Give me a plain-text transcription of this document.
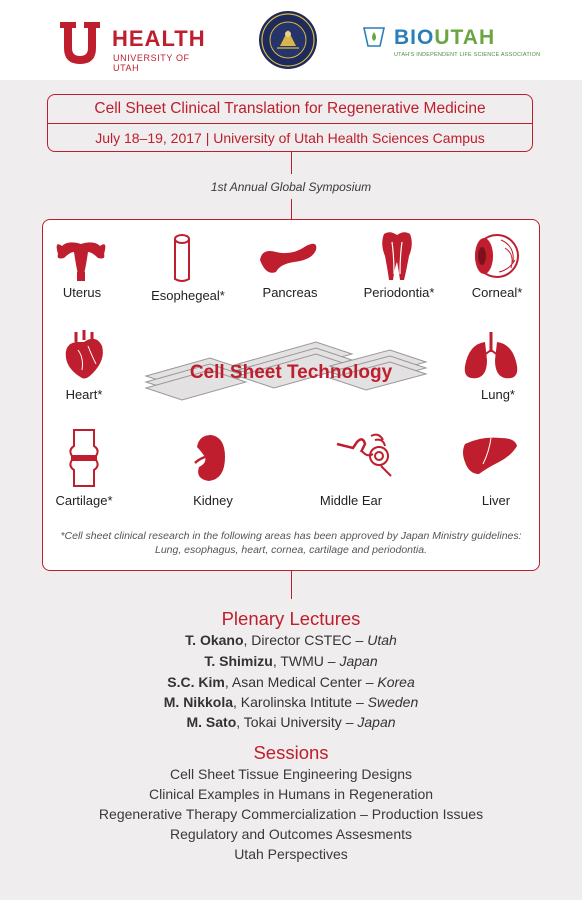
HEALTH
UNIVERSITY OF UTAH
BIOUTAH
UTAH'S INDEPENDENT LIFE SCIENCE ASSOCIATION
Cell Sheet Clinical Translation for Regenerative Medicine
July 18–19, 2017 | University of Utah Health Sciences Campus
1st Annual Global Symposium
Uterus	Esophegeal*	Pancreas	Periodontia*	Corneal*
Heart*
Cell Sheet Technology
Lung*
Cartilage*	Kidney	Middle Ear	Liver
*Cell sheet clinical research in the following areas has been approved by Japan Ministry guidelines: Lung, esophagus, heart, cornea, cartilage and periodontia.
Plenary Lectures
T. Okano, Director CSTEC – Utah
T. Shimizu, TWMU – Japan
S.C. Kim, Asan Medical Center – Korea
M. Nikkola, Karolinska Intitute – Sweden
M. Sato, Tokai University – Japan
Sessions
Cell Sheet Tissue Engineering Designs
Clinical Examples in Humans in Regeneration
Regenerative Therapy Commercialization – Production Issues
Regulatory and Outcomes Assesments
Utah Perspectives
